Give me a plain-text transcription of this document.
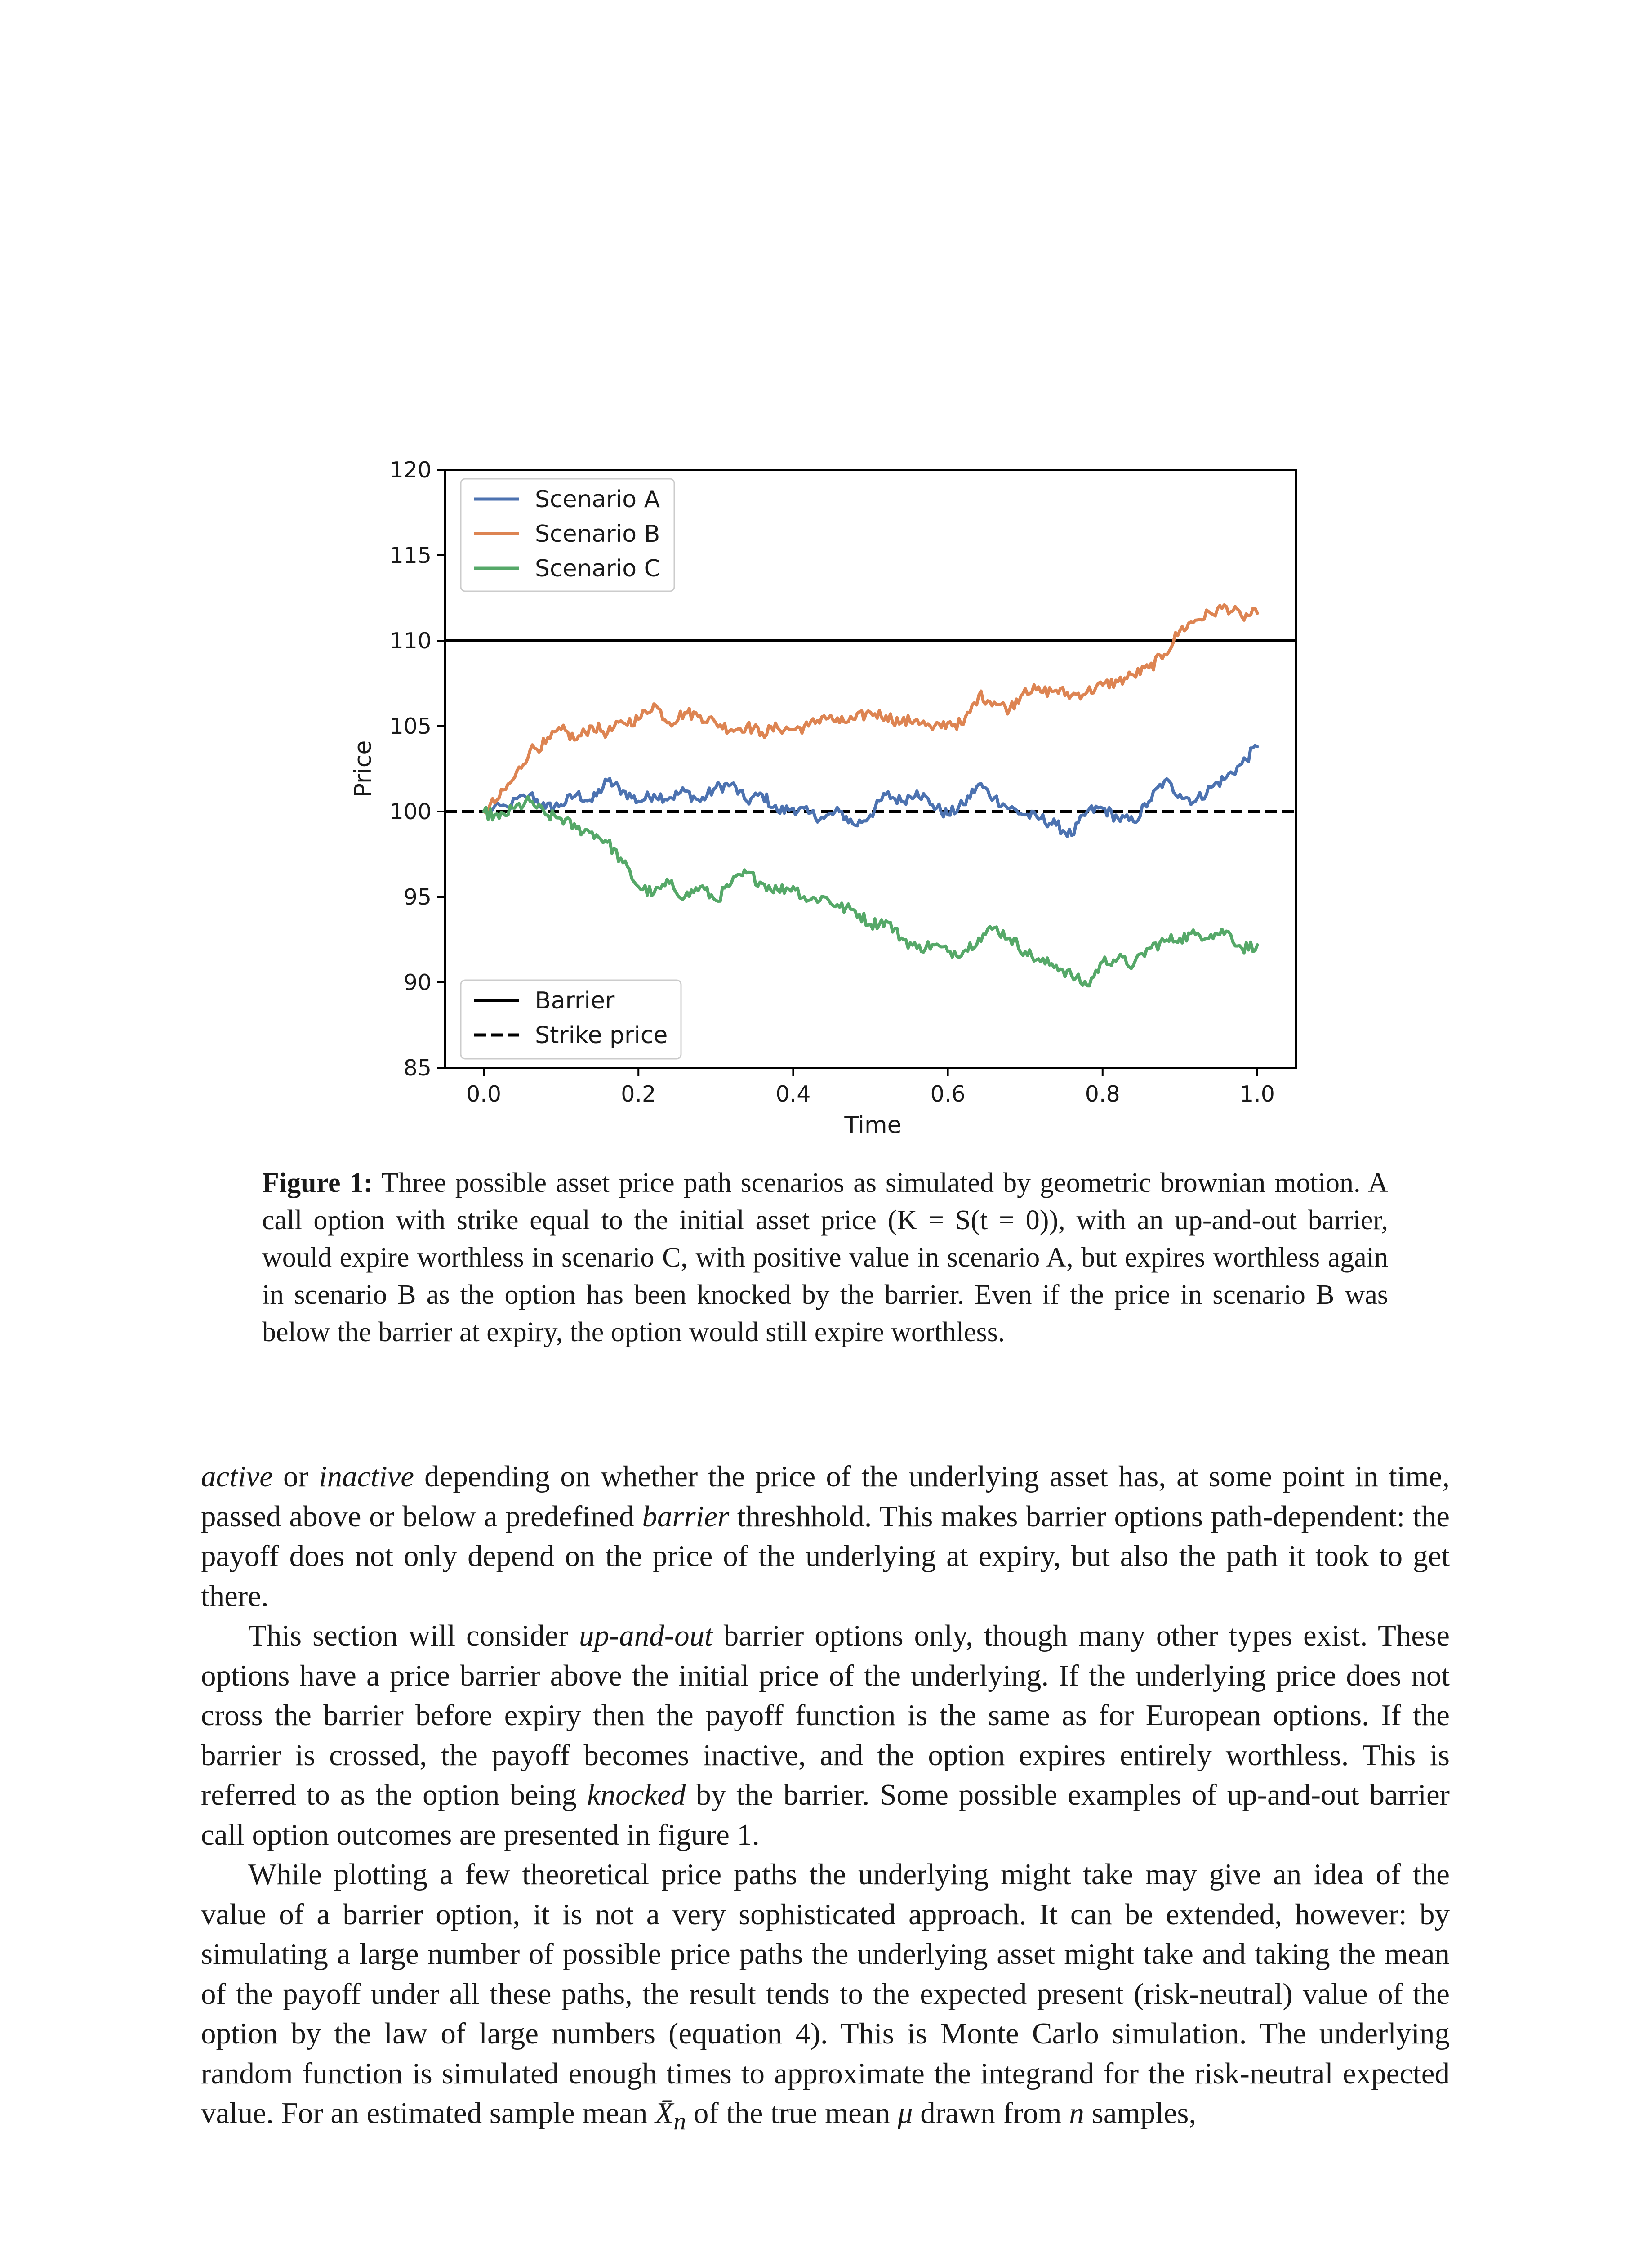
0.0	0.2	0.4	0.6	0.8	1.0
85
90
95
100
105
110
115
120
Time
Price
Scenario A
Scenario B
Scenario C
Barrier
Strike price
Figure 1: Three possible asset price path scenarios as simulated by geometric brownian motion. A call option with strike equal to the initial asset price (K = S(t = 0)), with an up-and-out barrier, would expire worthless in scenario C, with positive value in scenario A, but expires worthless again in scenario B as the option has been knocked by the barrier. Even if the price in scenario B was below the barrier at expiry, the option would still expire worthless.

active or inactive depending on whether the price of the underlying asset has, at some point in time, passed above or below a predefined barrier threshhold. This makes barrier options path-dependent: the payoff does not only depend on the price of the underlying at expiry, but also the path it took to get there.

This section will consider up-and-out barrier options only, though many other types exist. These options have a price barrier above the initial price of the underlying. If the underlying price does not cross the barrier before expiry then the payoff function is the same as for European options. If the barrier is crossed, the payoff becomes inactive, and the option expires entirely worthless. This is referred to as the option being knocked by the barrier. Some possible examples of up-and-out barrier call option outcomes are presented in figure 1.

While plotting a few theoretical price paths the underlying might take may give an idea of the value of a barrier option, it is not a very sophisticated approach. It can be extended, however: by simulating a large number of possible price paths the underlying asset might take and taking the mean of the payoff under all these paths, the result tends to the expected present (risk-neutral) value of the option by the law of large numbers (equation 4). This is Monte Carlo simulation. The underlying random function is simulated enough times to approximate the integrand for the risk-neutral expected value. For an estimated sample mean $X̄_n$ of the true mean μ drawn from n samples,
